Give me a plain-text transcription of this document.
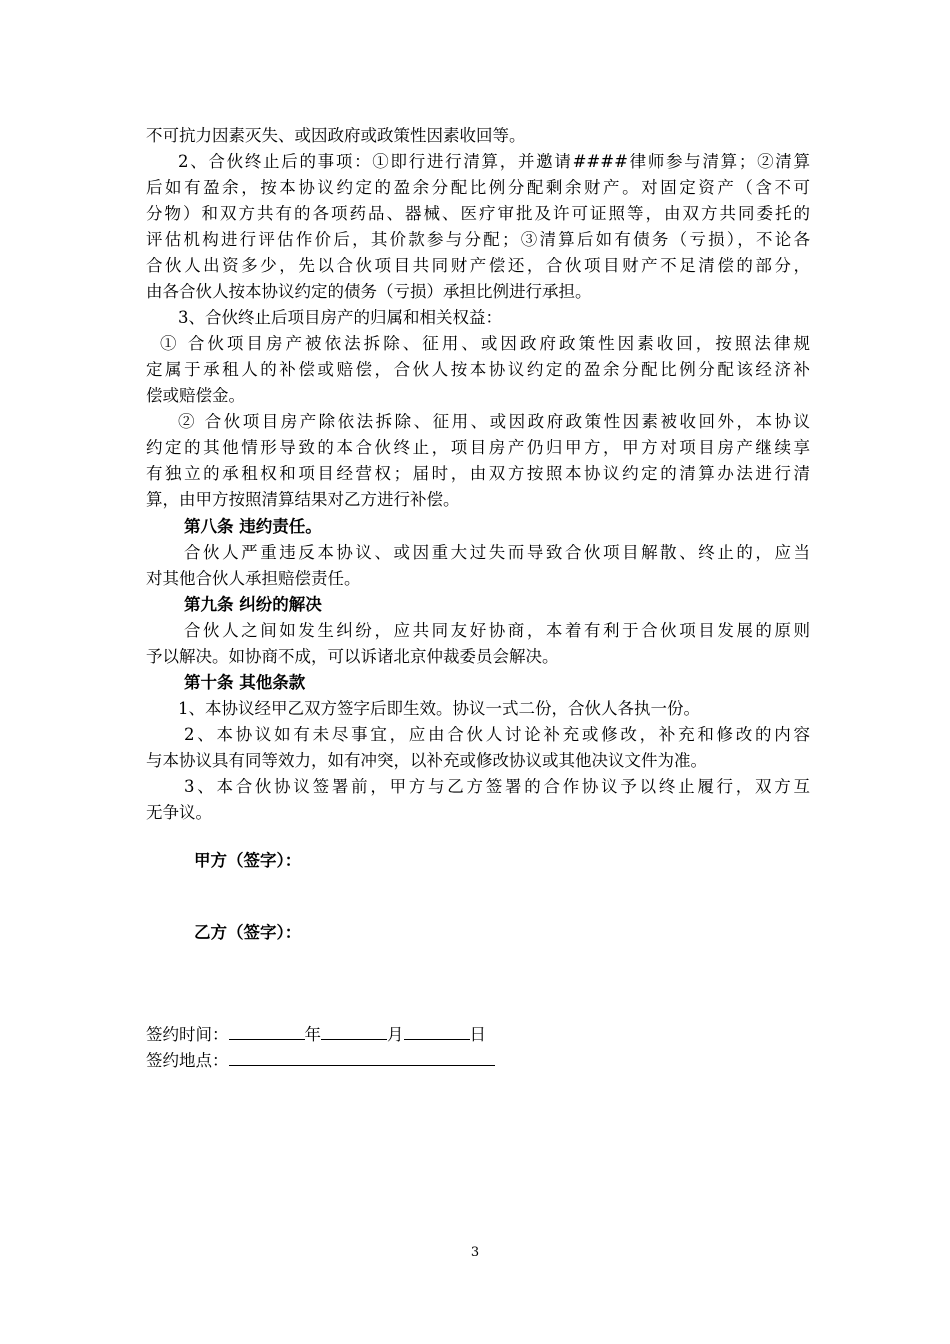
不可抗力因素灭失、或因政府或政策性因素收回等。
2、合伙终止后的事项：①即行进行清算，并邀请####律师参与清算；②清算
后如有盈余，按本协议约定的盈余分配比例分配剩余财产。对固定资产（含不可
分物）和双方共有的各项药品、器械、医疗审批及许可证照等，由双方共同委托的
评估机构进行评估作价后，其价款参与分配；③清算后如有债务（亏损），不论各
合伙人出资多少，先以合伙项目共同财产偿还，合伙项目财产不足清偿的部分，
由各合伙人按本协议约定的债务（亏损）承担比例进行承担。
3、合伙终止后项目房产的归属和相关权益：
① 合伙项目房产被依法拆除、征用、或因政府政策性因素收回，按照法律规
定属于承租人的补偿或赔偿，合伙人按本协议约定的盈余分配比例分配该经济补
偿或赔偿金。
② 合伙项目房产除依法拆除、征用、或因政府政策性因素被收回外，本协议
约定的其他情形导致的本合伙终止，项目房产仍归甲方，甲方对项目房产继续享
有独立的承租权和项目经营权；届时，由双方按照本协议约定的清算办法进行清
算，由甲方按照清算结果对乙方进行补偿。
第八条 违约责任。
合伙人严重违反本协议、或因重大过失而导致合伙项目解散、终止的，应当
对其他合伙人承担赔偿责任。
第九条 纠纷的解决
合伙人之间如发生纠纷，应共同友好协商，本着有利于合伙项目发展的原则
予以解决。如协商不成，可以诉诸北京仲裁委员会解决。
第十条 其他条款
1、本协议经甲乙双方签字后即生效。协议一式二份，合伙人各执一份。
2、本协议如有未尽事宜，应由合伙人讨论补充或修改，补充和修改的内容
与本协议具有同等效力，如有冲突，以补充或修改协议或其他决议文件为准。
3、本合伙协议签署前，甲方与乙方签署的合作协议予以终止履行，双方互
无争议。
甲方（签字）：
乙方（签字）：
签约时间：	年	月	日
签约地点：
3
